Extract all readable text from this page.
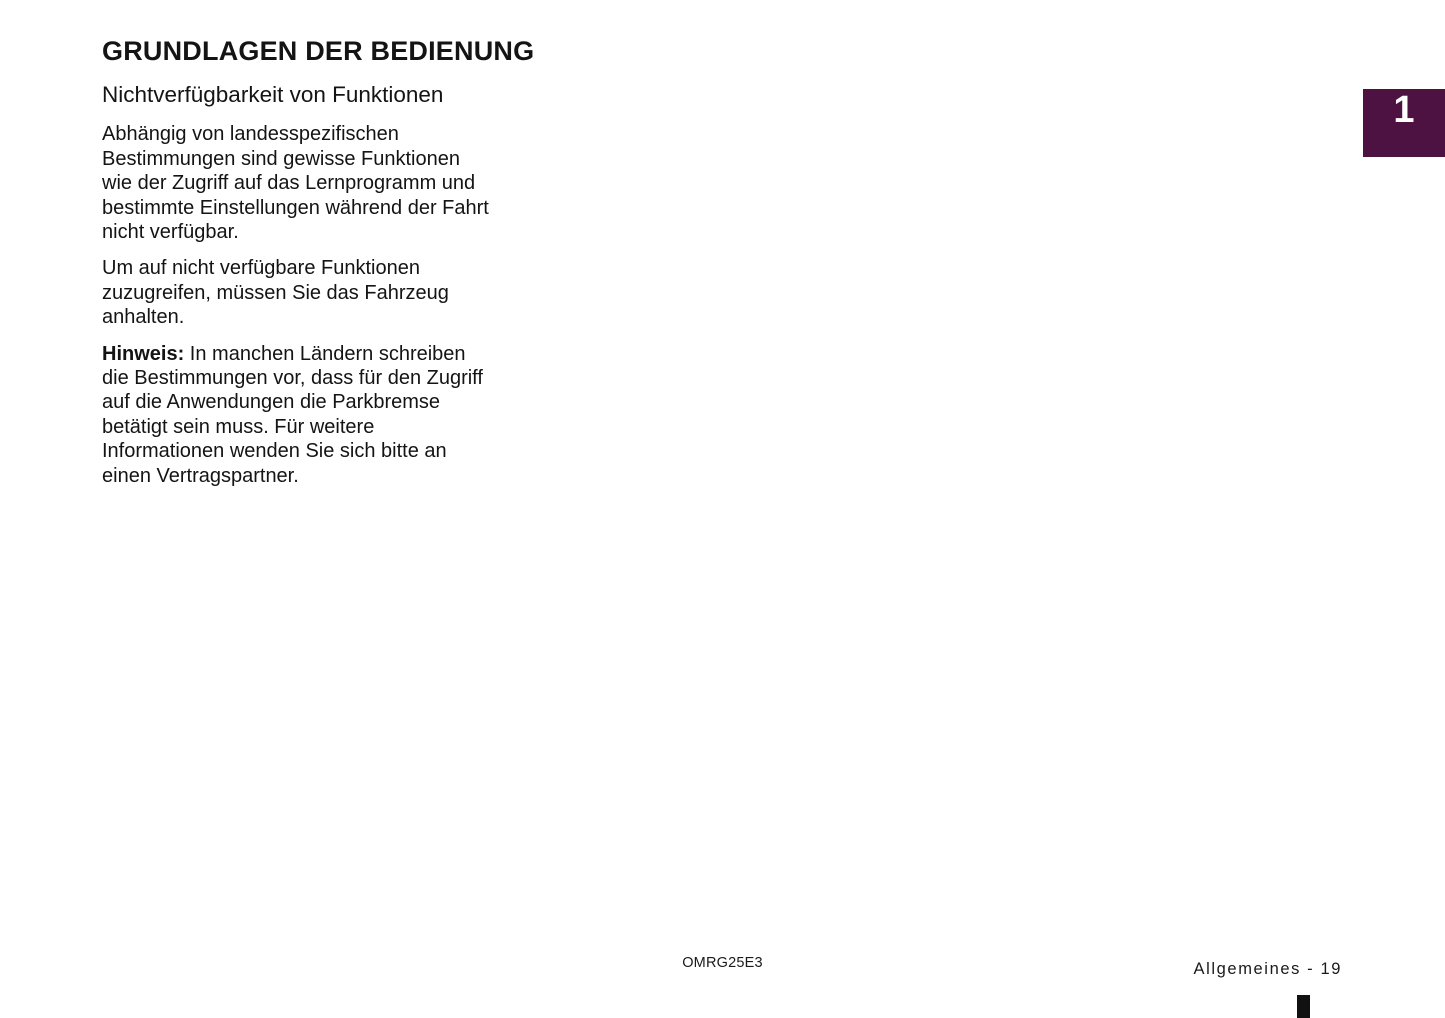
1
GRUNDLAGEN DER BEDIENUNG
Nichtverfügbarkeit von Funktionen

Abhängig von landesspezifischen Bestimmungen sind gewisse Funktionen wie der Zugriff auf das Lernprogramm und bestimmte Einstellungen während der Fahrt nicht verfügbar.

Um auf nicht verfügbare Funktionen zuzugreifen, müssen Sie das Fahrzeug anhalten.

Hinweis: In manchen Ländern schreiben die Bestimmungen vor, dass für den Zugriff auf die Anwendungen die Parkbremse betätigt sein muss. Für weitere Informationen wenden Sie sich bitte an einen Vertragspartner.

OMRG25E3	Allgemeines - 19
